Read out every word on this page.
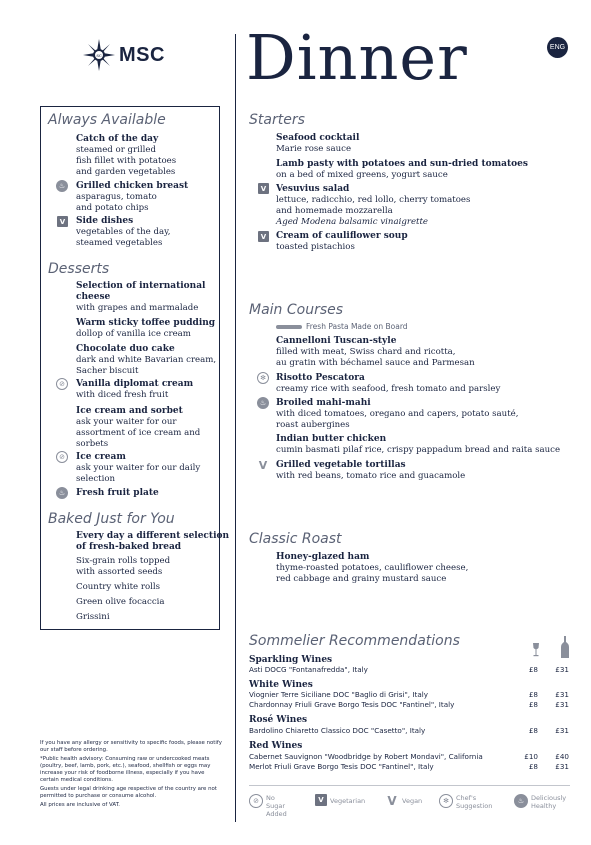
sc MSC Dinner	ENG
Always Available
Catch of the day
steamed or grilled
fish fillet with potatoes
and garden vegetables
♨	Grilled chicken breast
asparagus, tomato
and potato chips
V	Side dishes
vegetables of the day,
steamed vegetables
Desserts
Selection of international
cheese
with grapes and marmalade
Warm sticky toffee pudding
dollop of vanilla ice cream
Chocolate duo cake
dark and white Bavarian cream,
Sacher biscuit
⊘	Vanilla diplomat cream
with diced fresh fruit
Ice cream and sorbet
ask your waiter for our
assortment of ice cream and
sorbets
⊘	Ice cream
ask your waiter for our daily
selection
♨	Fresh fruit plate
Baked Just for You
Every day a different selection
of fresh-baked bread
Six-grain rolls topped
with assorted seeds
Country white rolls
Green olive focaccia
Grissini
Starters
Seafood cocktail
Marie rose sauce
Lamb pasty with potatoes and sun-dried tomatoes
on a bed of mixed greens, yogurt sauce
V	Vesuvius salad
lettuce, radicchio, red lollo, cherry tomatoes
and homemade mozzarella
Aged Modena balsamic vinaigrette
V	Cream of cauliflower soup
toasted pistachios
Main Courses
Fresh Pasta Made on Board
Cannelloni Tuscan-style
filled with meat, Swiss chard and ricotta,
au gratin with béchamel sauce and Parmesan
✻	Risotto Pescatora
creamy rice with seafood, fresh tomato and parsley
♨	Broiled mahi-mahi
with diced tomatoes, oregano and capers, potato sauté,
roast aubergines
Indian butter chicken
cumin basmati pilaf rice, crispy pappadum bread and raita sauce
V Grilled vegetable tortillas
with red beans, tomato rice and guacamole
Classic Roast
Honey-glazed ham
thyme-roasted potatoes, cauliflower cheese,
red cabbage and grainy mustard sauce
Sommelier Recommendations
Sparkling Wines
Asti DOCG "Fontanafredda", Italy	£8	£31
White Wines
Viognier Terre Siciliane DOC "Baglio di Grisi", Italy	£8	£31
Chardonnay Friuli Grave Borgo Tesis DOC "Fantinel", Italy	£8	£31
Rosé Wines
Bardolino Chiaretto Classico DOC "Casetto", Italy	£8	£31
Red Wines
Cabernet Sauvignon "Woodbridge by Robert Mondavi", California	£10	£40
Merlot Friuli Grave Borgo Tesis DOC "Fantinel", Italy	£8	£31
⊘	No Sugar
Added
V Vegetarian V Vegan	✻	Chef's
Suggestion
♨	Deliciously
Healthy

If you have any allergy or sensitivity to specific foods, please notify our staff before ordering.

*Public health advisory: Consuming raw or undercooked meats (poultry, beef, lamb, pork, etc.), seafood, shellfish or eggs may increase your risk of foodborne illness, especially if you have certain medical conditions.

Guests under legal drinking age respective of the country are not permitted to purchase or consume alcohol.

All prices are inclusive of VAT.
